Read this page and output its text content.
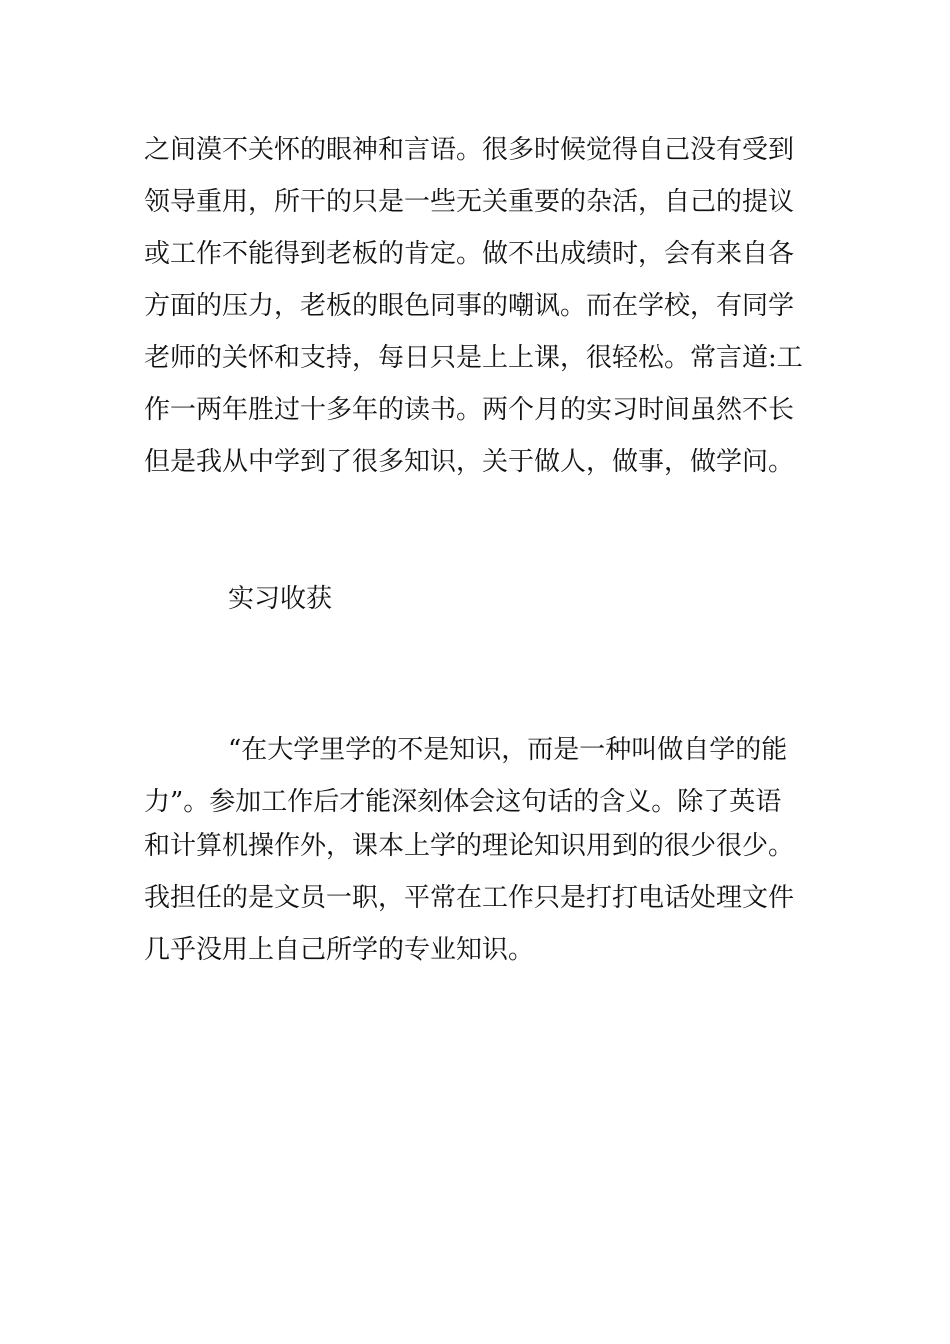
之间漠不关怀的眼神和言语。很多时候觉得自己没有受到
领导重用，所干的只是一些无关重要的杂活，自己的提议
或工作不能得到老板的肯定。做不出成绩时，会有来自各
方面的压力，老板的眼色同事的嘲讽。而在学校，有同学
老师的关怀和支持，每日只是上上课，很轻松。常言道:工
作一两年胜过十多年的读书。两个月的实习时间虽然不长
但是我从中学到了很多知识，关于做人，做事，做学问。
实习收获
“在大学里学的不是知识，而是一种叫做自学的能
力”。参加工作后才能深刻体会这句话的含义。除了英语
和计算机操作外，课本上学的理论知识用到的很少很少。
我担任的是文员一职，平常在工作只是打打电话处理文件
几乎没用上自己所学的专业知识。
